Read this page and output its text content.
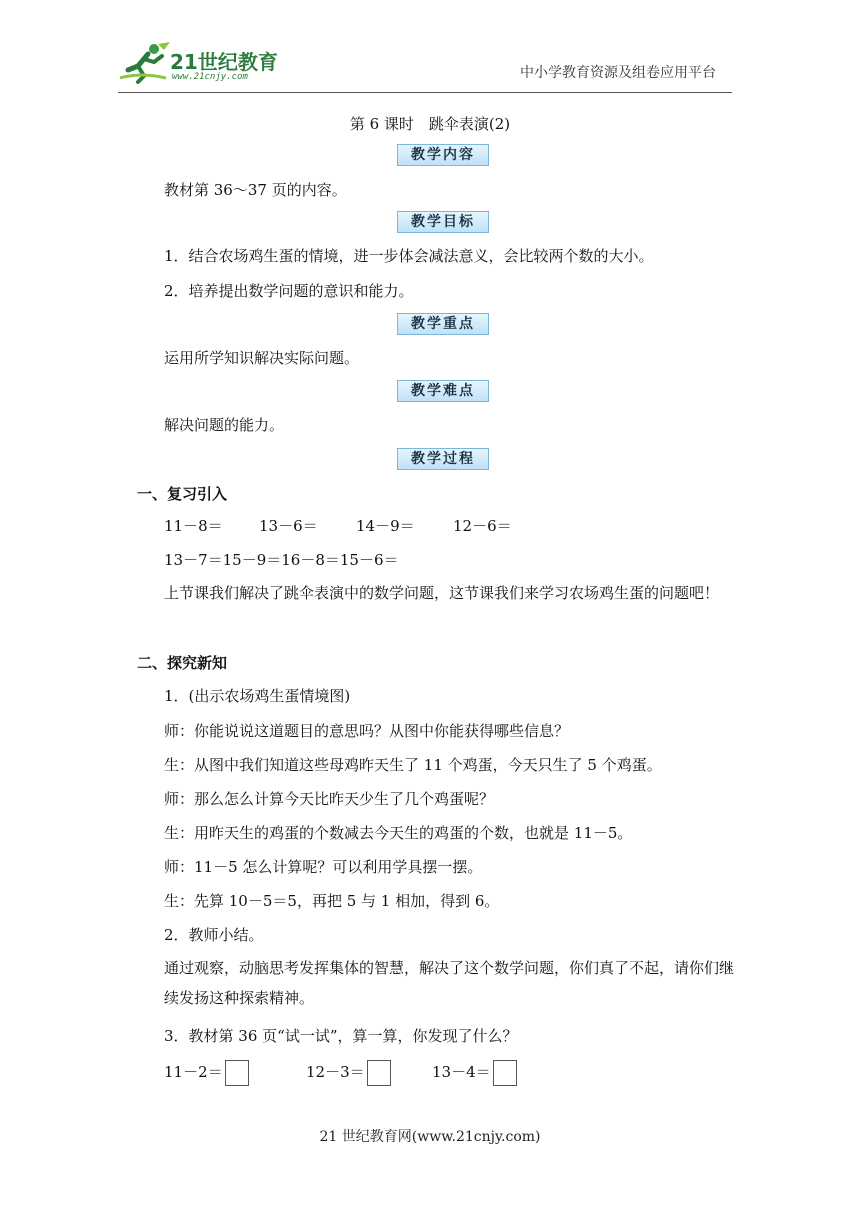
21世纪教育
www.21cnjy.com	中小学教育资源及组卷应用平台
第 6 课时　跳伞表演(2)
教学内容
教材第 36～37 页的内容。
教学目标
1．结合农场鸡生蛋的情境，进一步体会减法意义，会比较两个数的大小。
2．培养提出数学问题的意识和能力。
教学重点
运用所学知识解决实际问题。
教学难点
解决问题的能力。
教学过程
一、复习引入
11－8＝ 13－6＝	14－9＝	12－6＝
13－7＝15－9＝16－8＝15－6＝
上节课我们解决了跳伞表演中的数学问题，这节课我们来学习农场鸡生蛋的问题吧！
二、探究新知
1．(出示农场鸡生蛋情境图)
师：你能说说这道题目的意思吗？从图中你能获得哪些信息？
生：从图中我们知道这些母鸡昨天生了 11 个鸡蛋，今天只生了 5 个鸡蛋。
师：那么怎么计算今天比昨天少生了几个鸡蛋呢？
生：用昨天生的鸡蛋的个数减去今天生的鸡蛋的个数，也就是 11－5。
师：11－5 怎么计算呢？可以利用学具摆一摆。
生：先算 10－5＝5，再把 5 与 1 相加，得到 6。
2．教师小结。
通过观察，动脑思考发挥集体的智慧，解决了这个数学问题，你们真了不起，请你们继续发扬这种探索精神。
3．教材第 36 页“试一试”，算一算，你发现了什么？
11－2＝	12－3＝	13－4＝
21 世纪教育网(www.21cnjy.com)
